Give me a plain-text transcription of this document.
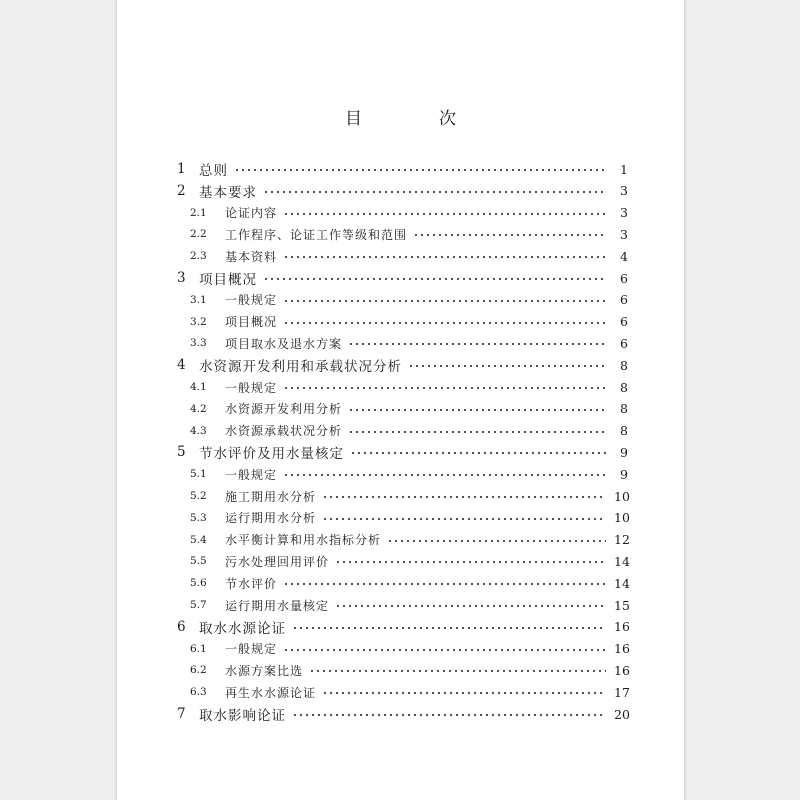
目　次
1 总则	1
2 基本要求	3
2.1	论证内容	3
2.2	工作程序、论证工作等级和范围	3
2.3	基本资料	4
3 项目概况	6
3.1	一般规定	6
3.2	项目概况	6
3.3	项目取水及退水方案	6
4 水资源开发利用和承载状况分析	8
4.1	一般规定	8
4.2	水资源开发利用分析	8
4.3	水资源承载状况分析	8
5 节水评价及用水量核定	9
5.1	一般规定	9
5.2	施工期用水分析	10
5.3	运行期用水分析	10
5.4	水平衡计算和用水指标分析	12
5.5	污水处理回用评价	14
5.6	节水评价	14
5.7	运行期用水量核定	15
6 取水水源论证	16
6.1	一般规定	16
6.2	水源方案比选	16
6.3	再生水水源论证	17
7 取水影响论证	20
